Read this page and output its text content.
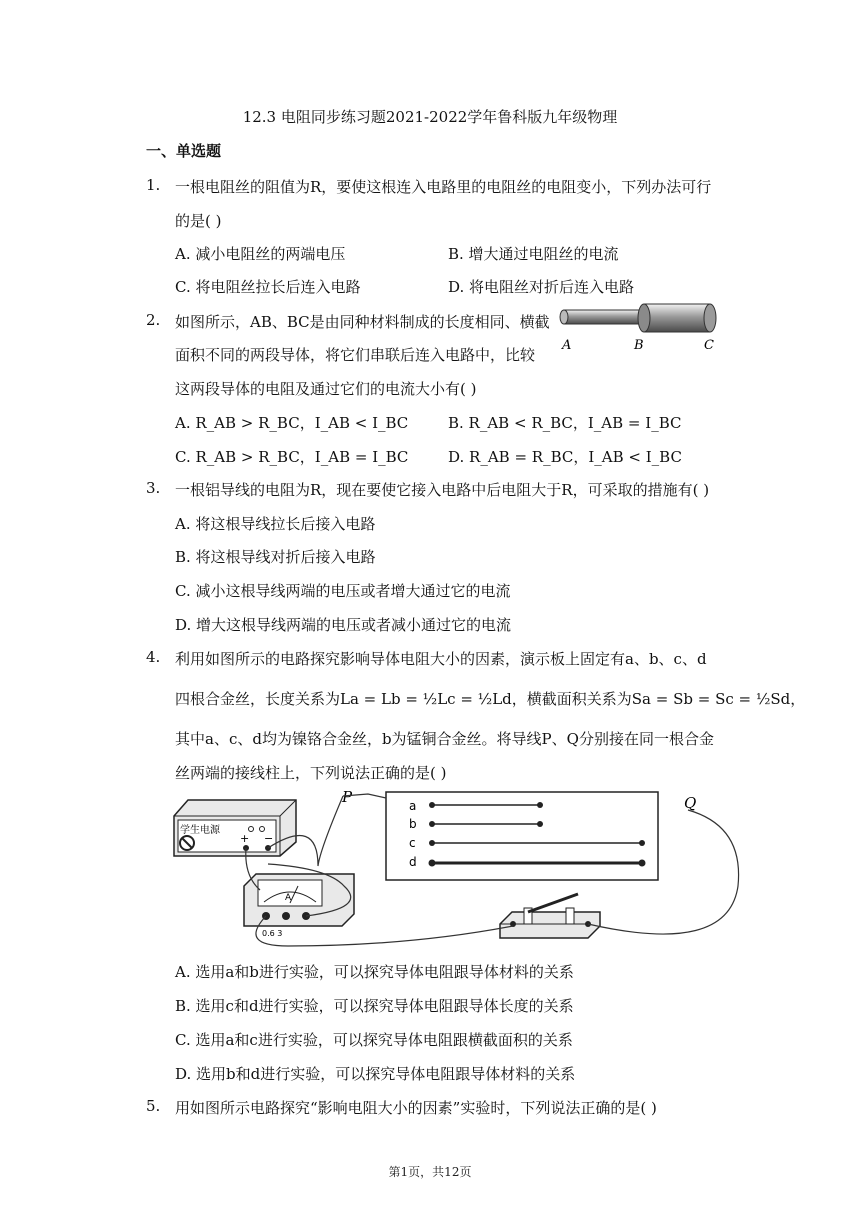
12.3 电阻同步练习题2021-2022学年鲁科版九年级物理
一、单选题
1. 一根电阻丝的阻值为R，要使这根连入电路里的电阻丝的电阻变小，下列办法可行
的是( )
A. 减小电阻丝的两端电压	B. 增大通过电阻丝的电流
C. 将电阻丝拉长后连入电路	D. 将电阻丝对折后连入电路
2. 如图所示，AB、BC是由同种材料制成的长度相同、横截
面积不同的两段导体，将它们串联后连入电路中，比较
这两段导体的电阻及通过它们的电流大小有( )
A	B	C
A. R_AB > R_BC，I_AB < I_BC	B. R_AB < R_BC，I_AB = I_BC
C. R_AB > R_BC，I_AB = I_BC	D. R_AB = R_BC，I_AB < I_BC
3. 一根铝导线的电阻为R，现在要使它接入电路中后电阻大于R，可采取的措施有( )
A. 将这根导线拉长后接入电路
B. 将这根导线对折后接入电路
C. 减小这根导线两端的电压或者增大通过它的电流
D. 增大这根导线两端的电压或者减小通过它的电流
4. 利用如图所示的电路探究影响导体电阻大小的因素，演示板上固定有a、b、c、d
四根合金丝，长度关系为La = Lb = ½Lc = ½Ld，横截面积关系为Sa = Sb = Sc = ½Sd，
其中a、c、d均为镍铬合金丝，b为锰铜合金丝。将导线P、Q分别接在同一根合金
丝两端的接线柱上，下列说法正确的是( )
学生电源
+ −
a
b
c
d
P	Q
A
0.6 3
A. 选用a和b进行实验，可以探究导体电阻跟导体材料的关系
B. 选用c和d进行实验，可以探究导体电阻跟导体长度的关系
C. 选用a和c进行实验，可以探究导体电阻跟横截面积的关系
D. 选用b和d进行实验，可以探究导体电阻跟导体材料的关系
5. 用如图所示电路探究“影响电阻大小的因素”实验时，下列说法正确的是( )
第1页，共12页
